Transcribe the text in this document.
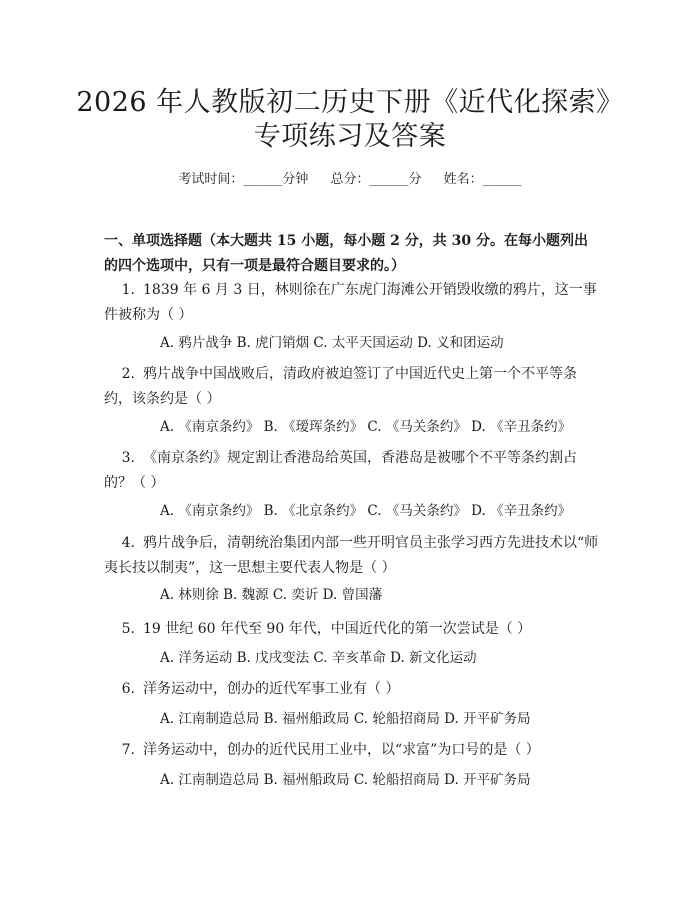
2026 年人教版初二历史下册《近代化探索》
专项练习及答案
考试时间：______分钟 总分：______分 姓名：______
一、单项选择题（本大题共 15 小题，每小题 2 分，共 30 分。在每小题列出的四个选项中，只有一项是最符合题目要求的。）
1. 1839 年 6 月 3 日，林则徐在广东虎门海滩公开销毁收缴的鸦片，这一事件被称为（ ）
A. 鸦片战争 B. 虎门销烟 C. 太平天国运动 D. 义和团运动
2. 鸦片战争中国战败后，清政府被迫签订了中国近代史上第一个不平等条约，该条约是（ ）
A. 《南京条约》 B. 《瑷珲条约》 C. 《马关条约》 D. 《辛丑条约》
3. 《南京条约》规定割让香港岛给英国，香港岛是被哪个不平等条约割占的？（ ）
A. 《南京条约》 B. 《北京条约》 C. 《马关条约》 D. 《辛丑条约》
4. 鸦片战争后，清朝统治集团内部一些开明官员主张学习西方先进技术以“师夷长技以制夷”，这一思想主要代表人物是（ ）
A. 林则徐 B. 魏源 C. 奕䜣 D. 曾国藩
5. 19 世纪 60 年代至 90 年代，中国近代化的第一次尝试是（ ）
A. 洋务运动 B. 戊戌变法 C. 辛亥革命 D. 新文化运动
6. 洋务运动中，创办的近代军事工业有（ ）
A. 江南制造总局 B. 福州船政局 C. 轮船招商局 D. 开平矿务局
7. 洋务运动中，创办的近代民用工业中，以“求富”为口号的是（ ）
A. 江南制造总局 B. 福州船政局 C. 轮船招商局 D. 开平矿务局
